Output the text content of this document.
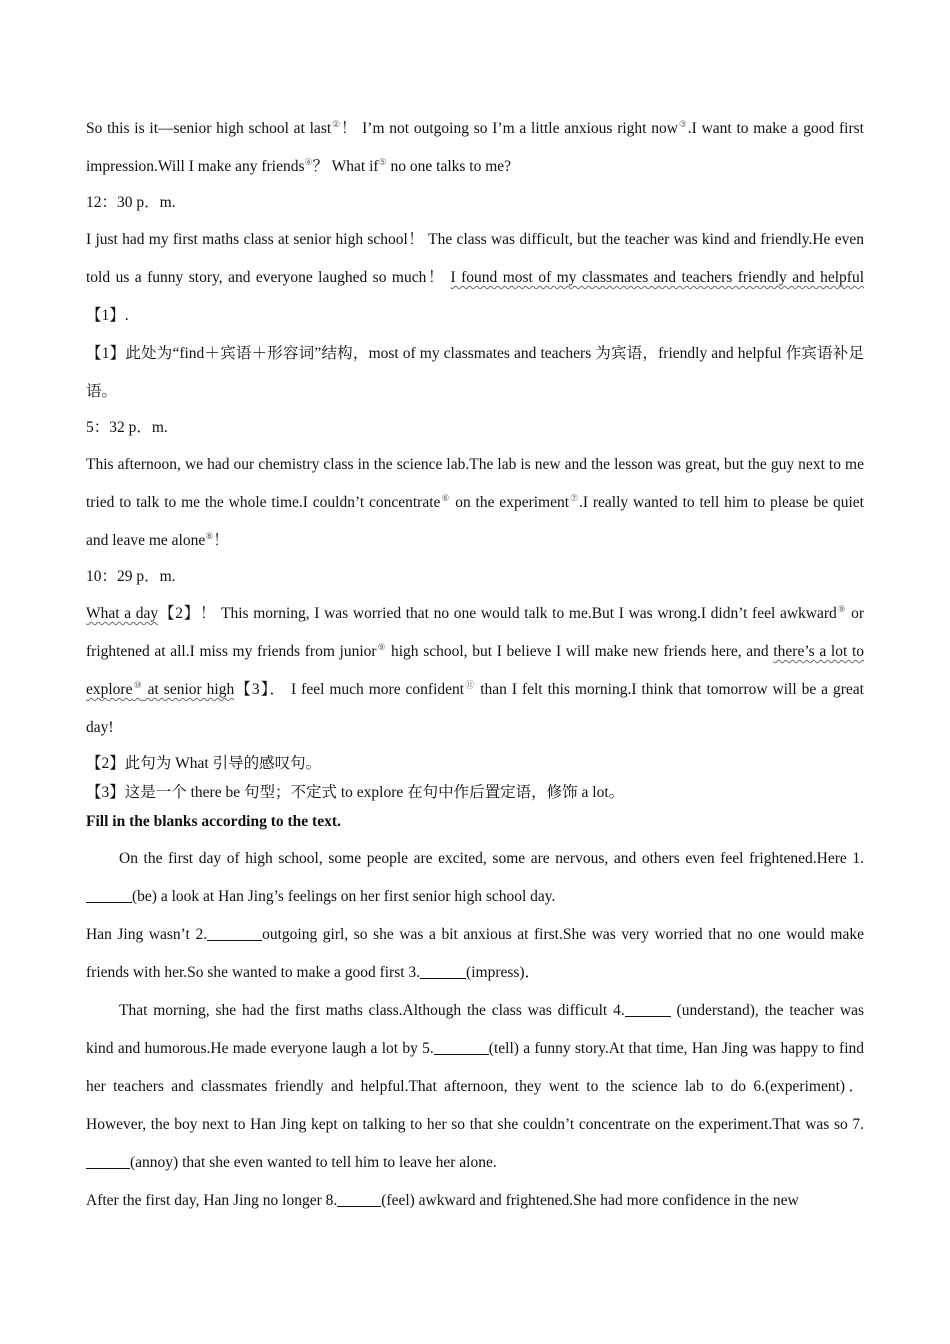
So this is it—senior high school at last②！ I’m not outgoing so I’m a little anxious right now③.I want to make a good first impression.Will I make any friends④？ What if⑤ no one talks to me?

12：30 p．m.

I just had my first maths class at senior high school！ The class was difficult, but the teacher was kind and friendly.He even told us a funny story, and everyone laughed so much！ I found most of my classmates and teachers friendly and helpful【1】.

【1】此处为“find＋宾语＋形容词”结构，most of my classmates and teachers 为宾语，friendly and helpful 作宾语补足语。

5：32 p．m.

This afternoon, we had our chemistry class in the science lab.The lab is new and the lesson was great, but the guy next to me tried to talk to me the whole time.I couldn’t concentrate⑥ on the experiment⑦.I really wanted to tell him to please be quiet and leave me alone⑧！

10：29 p．m.

What a day【2】！ This morning, I was worried that no one would talk to me.But I was wrong.I didn’t feel awkward⑨ or frightened at all.I miss my friends from junior⑨ high school, but I believe I will make new friends here, and there’s a lot to explore⑩ at senior high【3】． I feel much more confident⑪ than I felt this morning.I think that tomorrow will be a great day!

【2】此句为 What 引导的感叹句。

【3】这是一个 there be 句型；不定式 to explore 在句中作后置定语，修饰 a lot。

Fill in the blanks according to the text.

On the first day of high school, some people are excited, some are nervous, and others even feel frightened.Here 1.(be) a look at Han Jing’s feelings on her first senior high school day.

Han Jing wasn’t 2.	outgoing girl, so she was a bit anxious at first.She was very worried that no one would make friends with her.So she wanted to make a good first 3.	(impress)．

That morning, she had the first maths class.Although the class was difficult 4.	(understand), the teacher was kind and humorous.He made everyone laugh a lot by 5.	(tell) a funny story.At that time, Han Jing was happy to find her teachers and classmates friendly and helpful.That afternoon, they went to the science lab to do 6.(experiment)． However, the boy next to Han Jing kept on talking to her so that she couldn’t concentrate on the experiment.That was so 7.(annoy) that she even wanted to tell him to leave her alone.

After the first day, Han Jing no longer 8.	(feel) awkward and frightened.She had more confidence in the new
